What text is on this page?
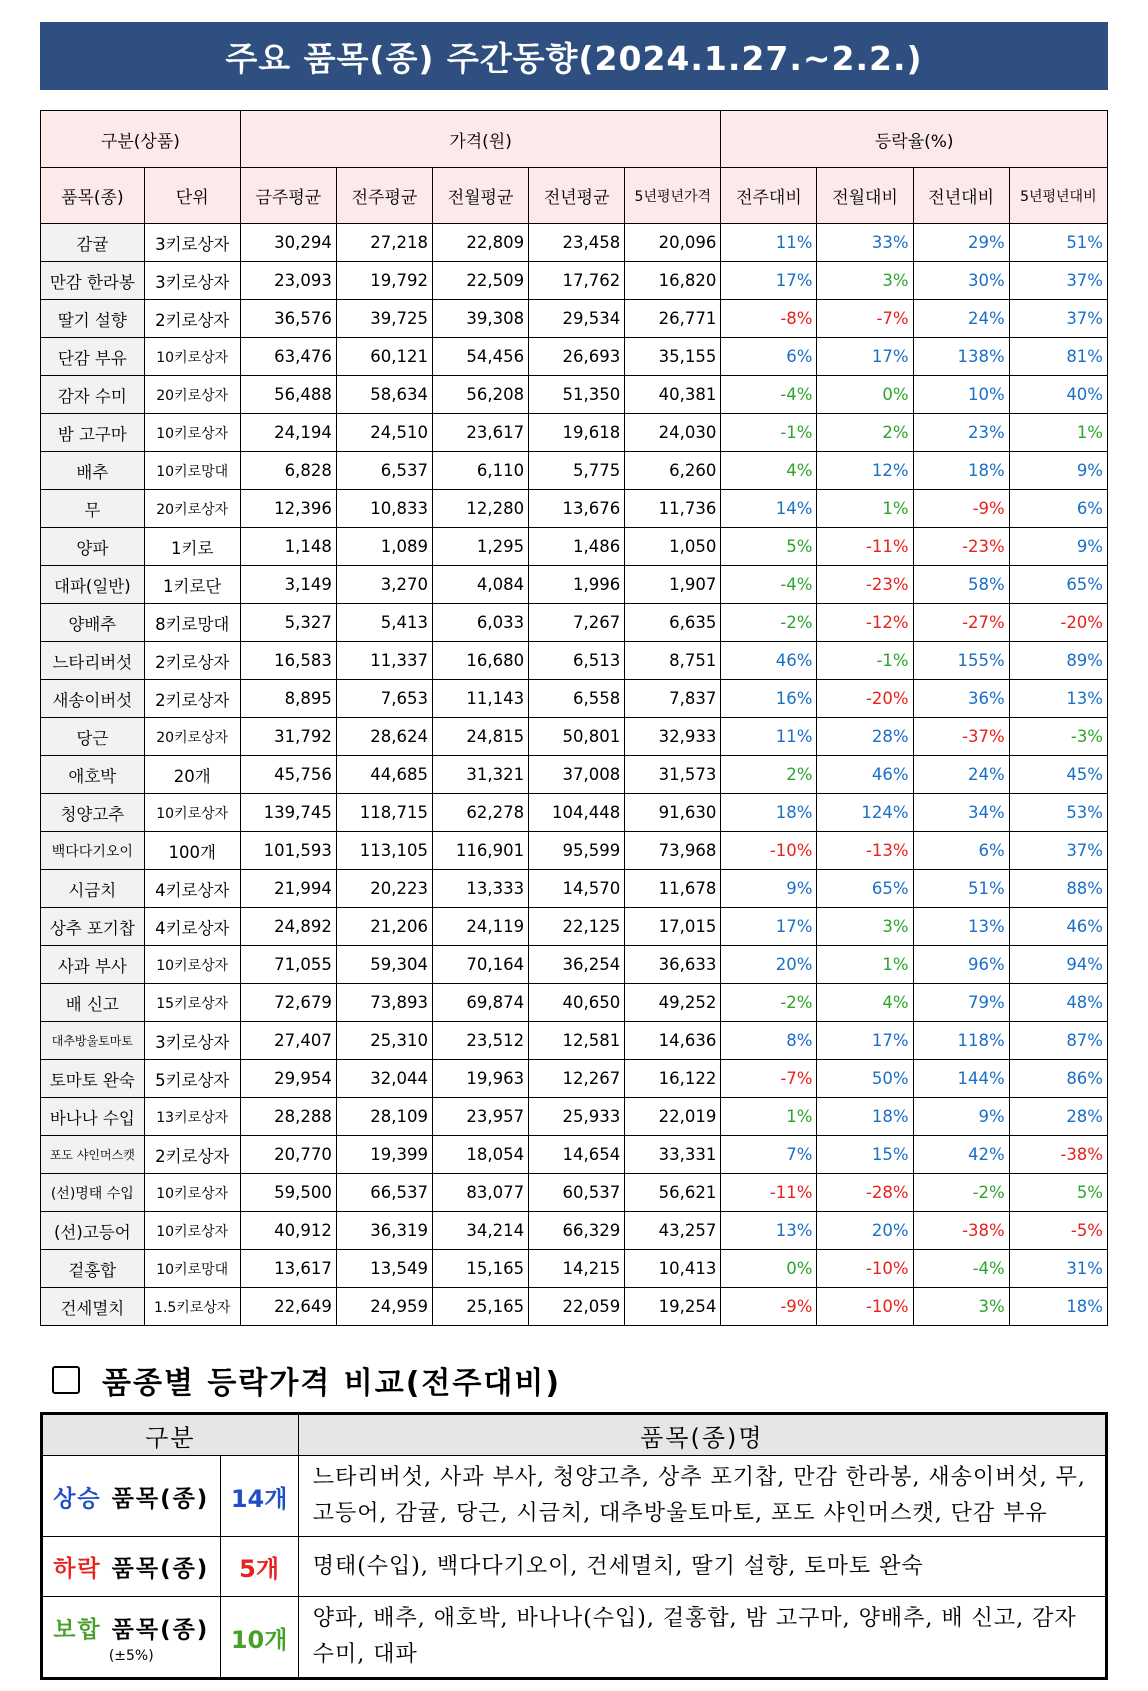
주요 품목(종) 주간동향(2024.1.27.~2.2.)
구분(상품)		가격(원)					등락율(%)			
품목(종)	단위	금주평균	전주평균	전월평균	전년평균	5년평년가격	전주대비	전월대비	전년대비	5년평년대비
감귤	3키로상자	30,294	27,218	22,809	23,458	20,096	11%	33%	29%	51%
만감 한라봉	3키로상자	23,093	19,792	22,509	17,762	16,820	17%	3%	30%	37%
딸기 설향	2키로상자	36,576	39,725	39,308	29,534	26,771	-8%	-7%	24%	37%
단감 부유	10키로상자	63,476	60,121	54,456	26,693	35,155	6%	17%	138%	81%
감자 수미	20키로상자	56,488	58,634	56,208	51,350	40,381	-4%	0%	10%	40%
밤 고구마	10키로상자	24,194	24,510	23,617	19,618	24,030	-1%	2%	23%	1%
배추	10키로망대	6,828	6,537	6,110	5,775	6,260	4%	12%	18%	9%
무	20키로상자	12,396	10,833	12,280	13,676	11,736	14%	1%	-9%	6%
양파	1키로	1,148	1,089	1,295	1,486	1,050	5%	-11%	-23%	9%
대파(일반)	1키로단	3,149	3,270	4,084	1,996	1,907	-4%	-23%	58%	65%
양배추	8키로망대	5,327	5,413	6,033	7,267	6,635	-2%	-12%	-27%	-20%
느타리버섯	2키로상자	16,583	11,337	16,680	6,513	8,751	46%	-1%	155%	89%
새송이버섯	2키로상자	8,895	7,653	11,143	6,558	7,837	16%	-20%	36%	13%
당근	20키로상자	31,792	28,624	24,815	50,801	32,933	11%	28%	-37%	-3%
애호박	20개	45,756	44,685	31,321	37,008	31,573	2%	46%	24%	45%
청양고추	10키로상자	139,745	118,715	62,278	104,448	91,630	18%	124%	34%	53%
백다다기오이	100개	101,593	113,105	116,901	95,599	73,968	-10%	-13%	6%	37%
시금치	4키로상자	21,994	20,223	13,333	14,570	11,678	9%	65%	51%	88%
상추 포기찹	4키로상자	24,892	21,206	24,119	22,125	17,015	17%	3%	13%	46%
사과 부사	10키로상자	71,055	59,304	70,164	36,254	36,633	20%	1%	96%	94%
배 신고	15키로상자	72,679	73,893	69,874	40,650	49,252	-2%	4%	79%	48%
대추방울토마토	3키로상자	27,407	25,310	23,512	12,581	14,636	8%	17%	118%	87%
토마토 완숙	5키로상자	29,954	32,044	19,963	12,267	16,122	-7%	50%	144%	86%
바나나 수입	13키로상자	28,288	28,109	23,957	25,933	22,019	1%	18%	9%	28%
포도 샤인머스캣	2키로상자	20,770	19,399	18,054	14,654	33,331	7%	15%	42%	-38%
(선)명태 수입	10키로상자	59,500	66,537	83,077	60,537	56,621	-11%	-28%	-2%	5%
(선)고등어	10키로상자	40,912	36,319	34,214	66,329	43,257	13%	20%	-38%	-5%
겉홍합	10키로망대	13,617	13,549	15,165	14,215	10,413	0%	-10%	-4%	31%
건세멸치	1.5키로상자	22,649	24,959	25,165	22,059	19,254	-9%	-10%	3%	18%
품종별 등락가격 비교(전주대비)
구분		품목(종)명
상승 품목(종)	14개	느타리버섯, 사과 부사, 청양고추, 상추 포기찹, 만감 한라봉, 새송이버섯, 무, 고등어, 감귤, 당근, 시금치, 대추방울토마토, 포도 샤인머스캣, 단감 부유
하락 품목(종)	5개	명태(수입), 백다다기오이, 건세멸치, 딸기 설향, 토마토 완숙
보합 품목(종)
(±5%)	10개	양파, 배추, 애호박, 바나나(수입), 겉홍합, 밤 고구마, 양배추, 배 신고, 감자 수미, 대파
